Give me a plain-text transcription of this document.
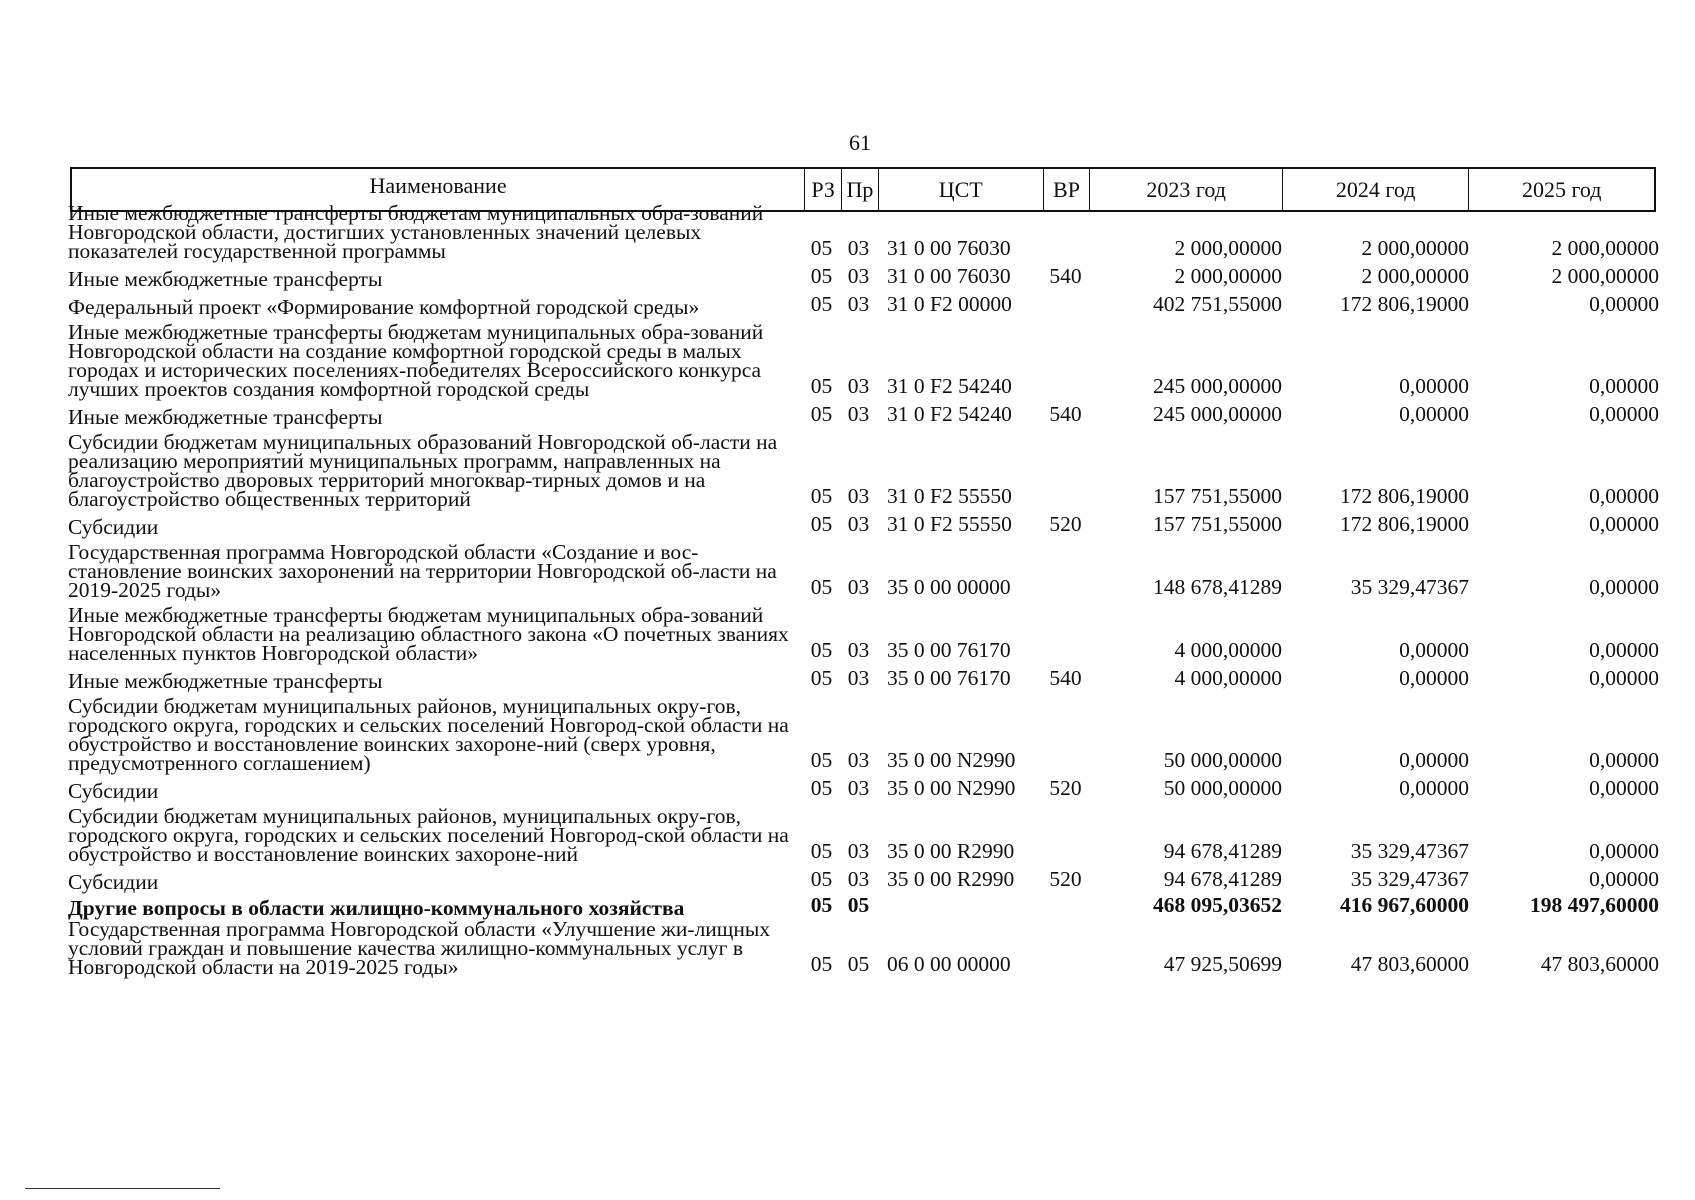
61
Наименование	РЗ Пр	ЦСТ	ВР	2023 год	2024 год	2025 год
Иные межбюджетные трансферты бюджетам муниципальных обра-зований Новгородской области, достигших установленных значений целевых показателей государственной программы	05 03 31 0 00 76030	2 000,00000	2 000,00000	2 000,00000
Иные межбюджетные трансферты	05 03 31 0 00 76030	540	2 000,00000	2 000,00000	2 000,00000
Федеральный проект «Формирование комфортной городской среды»	05 03 31 0 F2 00000	402 751,55000	172 806,19000	0,00000
Иные межбюджетные трансферты бюджетам муниципальных обра-зований Новгородской области на создание комфортной городской среды в малых городах и исторических поселениях-победителях Всероссийского конкурса лучших проектов создания комфортной городской среды	05 03 31 0 F2 54240	245 000,00000	0,00000	0,00000
Иные межбюджетные трансферты	05 03 31 0 F2 54240	540	245 000,00000	0,00000	0,00000
Субсидии бюджетам муниципальных образований Новгородской об-ласти на реализацию мероприятий муниципальных программ, направленных на благоустройство дворовых территорий многоквар-тирных домов и на благоустройство общественных территорий	05 03 31 0 F2 55550	157 751,55000	172 806,19000	0,00000
Субсидии	05 03 31 0 F2 55550	520	157 751,55000	172 806,19000	0,00000
Государственная программа Новгородской области «Создание и вос-становление воинских захоронений на территории Новгородской об-ласти на 2019-2025 годы»	05 03 35 0 00 00000	148 678,41289	35 329,47367	0,00000
Иные межбюджетные трансферты бюджетам муниципальных обра-зований Новгородской области на реализацию областного закона «О почетных званиях населенных пунктов Новгородской области»	05 03 35 0 00 76170	4 000,00000	0,00000	0,00000
Иные межбюджетные трансферты	05 03 35 0 00 76170	540	4 000,00000	0,00000	0,00000
Субсидии бюджетам муниципальных районов, муниципальных окру-гов, городского округа, городских и сельских поселений Новгород-ской области на обустройство и восстановление воинских захороне-ний (сверх уровня, предусмотренного соглашением)	05 03 35 0 00 N2990	50 000,00000	0,00000	0,00000
Субсидии	05 03 35 0 00 N2990	520	50 000,00000	0,00000	0,00000
Субсидии бюджетам муниципальных районов, муниципальных окру-гов, городского округа, городских и сельских поселений Новгород-ской области на обустройство и восстановление воинских захороне-ний	05 03 35 0 00 R2990	94 678,41289	35 329,47367	0,00000
Субсидии	05 03 35 0 00 R2990	520	94 678,41289	35 329,47367	0,00000
Другие вопросы в области жилищно-коммунального хозяйства	05 05	468 095,03652	416 967,60000	198 497,60000
Государственная программа Новгородской области «Улучшение жи-лищных условий граждан и повышение качества жилищно-коммунальных услуг в Новгородской области на 2019-2025 годы»	05 05 06 0 00 00000	47 925,50699	47 803,60000	47 803,60000
